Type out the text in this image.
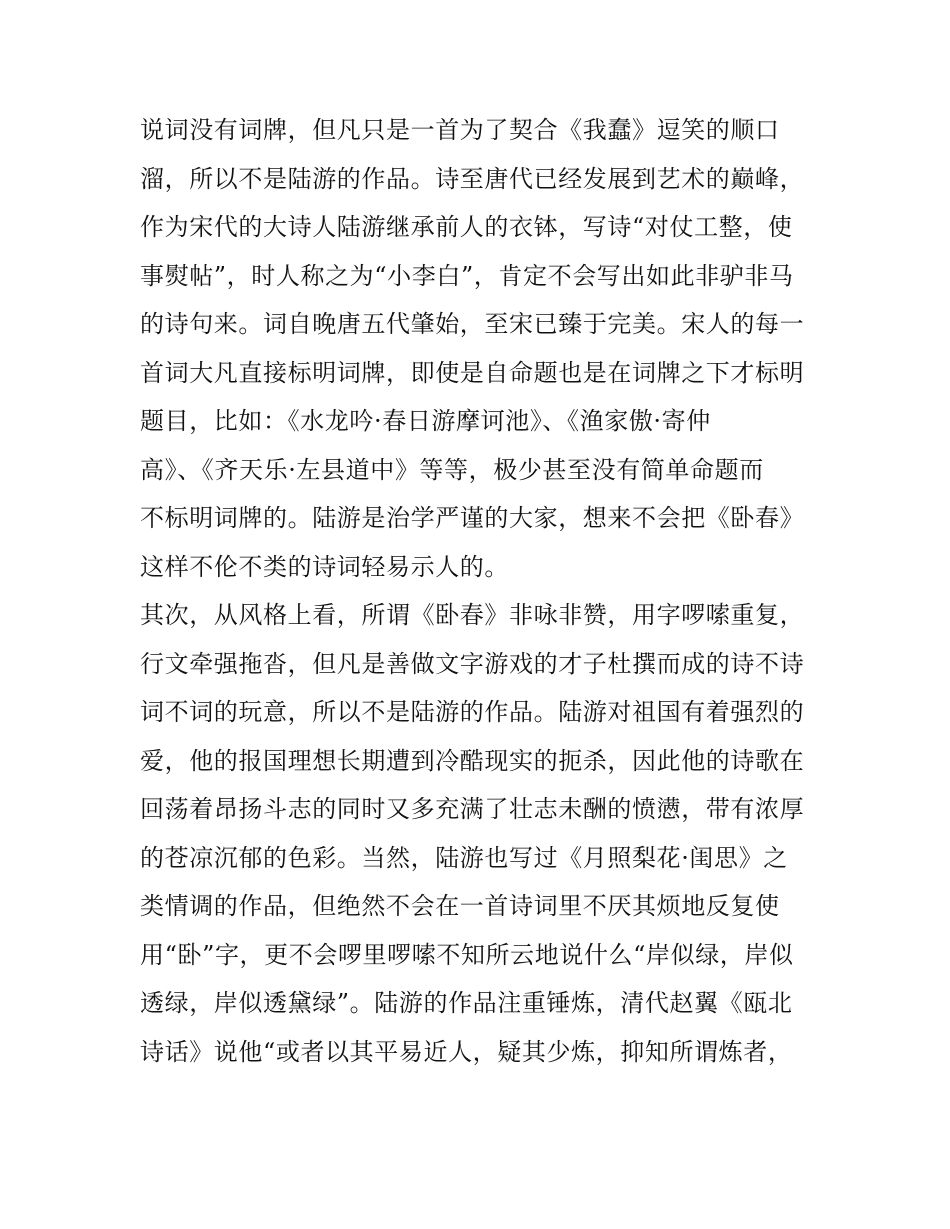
说词没有词牌，但凡只是一首为了契合《我蠢》逗笑的顺口
溜，所以不是陆游的作品。诗至唐代已经发展到艺术的巅峰，
作为宋代的大诗人陆游继承前人的衣钵，写诗“对仗工整，使
事熨帖”，时人称之为“小李白”，肯定不会写出如此非驴非马
的诗句来。词自晚唐五代肇始，至宋已臻于完美。宋人的每一
首词大凡直接标明词牌，即使是自命题也是在词牌之下才标明
题目，比如：《水龙吟·春日游摩诃池》、《渔家傲·寄仲
高》、《齐天乐·左县道中》等等，极少甚至没有简单命题而
不标明词牌的。陆游是治学严谨的大家，想来不会把《卧春》
这样不伦不类的诗词轻易示人的。
其次，从风格上看，所谓《卧春》非咏非赞，用字啰嗦重复，
行文牵强拖沓，但凡是善做文字游戏的才子杜撰而成的诗不诗
词不词的玩意，所以不是陆游的作品。陆游对祖国有着强烈的
爱，他的报国理想长期遭到冷酷现实的扼杀，因此他的诗歌在
回荡着昂扬斗志的同时又多充满了壮志未酬的愤懑，带有浓厚
的苍凉沉郁的色彩。当然，陆游也写过《月照梨花·闺思》之
类情调的作品，但绝然不会在一首诗词里不厌其烦地反复使
用“卧”字，更不会啰里啰嗦不知所云地说什么“岸似绿，岸似
透绿，岸似透黛绿”。陆游的作品注重锤炼，清代赵翼《瓯北
诗话》说他“或者以其平易近人，疑其少炼，抑知所谓炼者，
